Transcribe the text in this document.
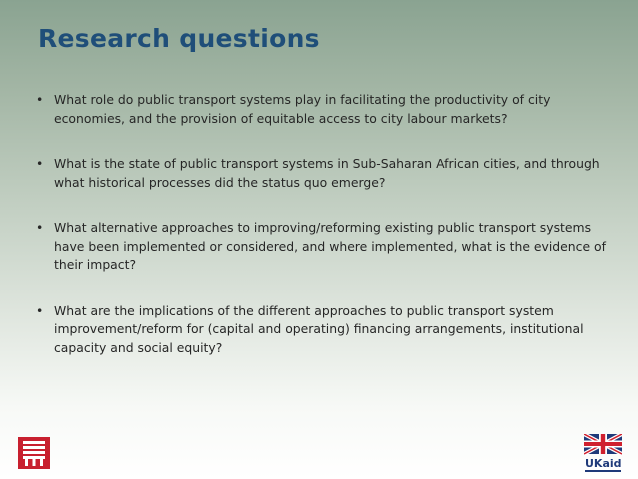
Research questions
• What role do public transport systems play in facilitating the productivity of city economies, and the provision of equitable access to city labour markets?
• What is the state of public transport systems in Sub-Saharan African cities, and through what historical processes did the status quo emerge?
• What alternative approaches to improving/reforming existing public transport systems have been implemented or considered, and where implemented, what is the evidence of their impact?
• What are the implications of the different approaches to public transport system improvement/reform for (capital and operating) financing arrangements, institutional capacity and social equity?
UKaid
